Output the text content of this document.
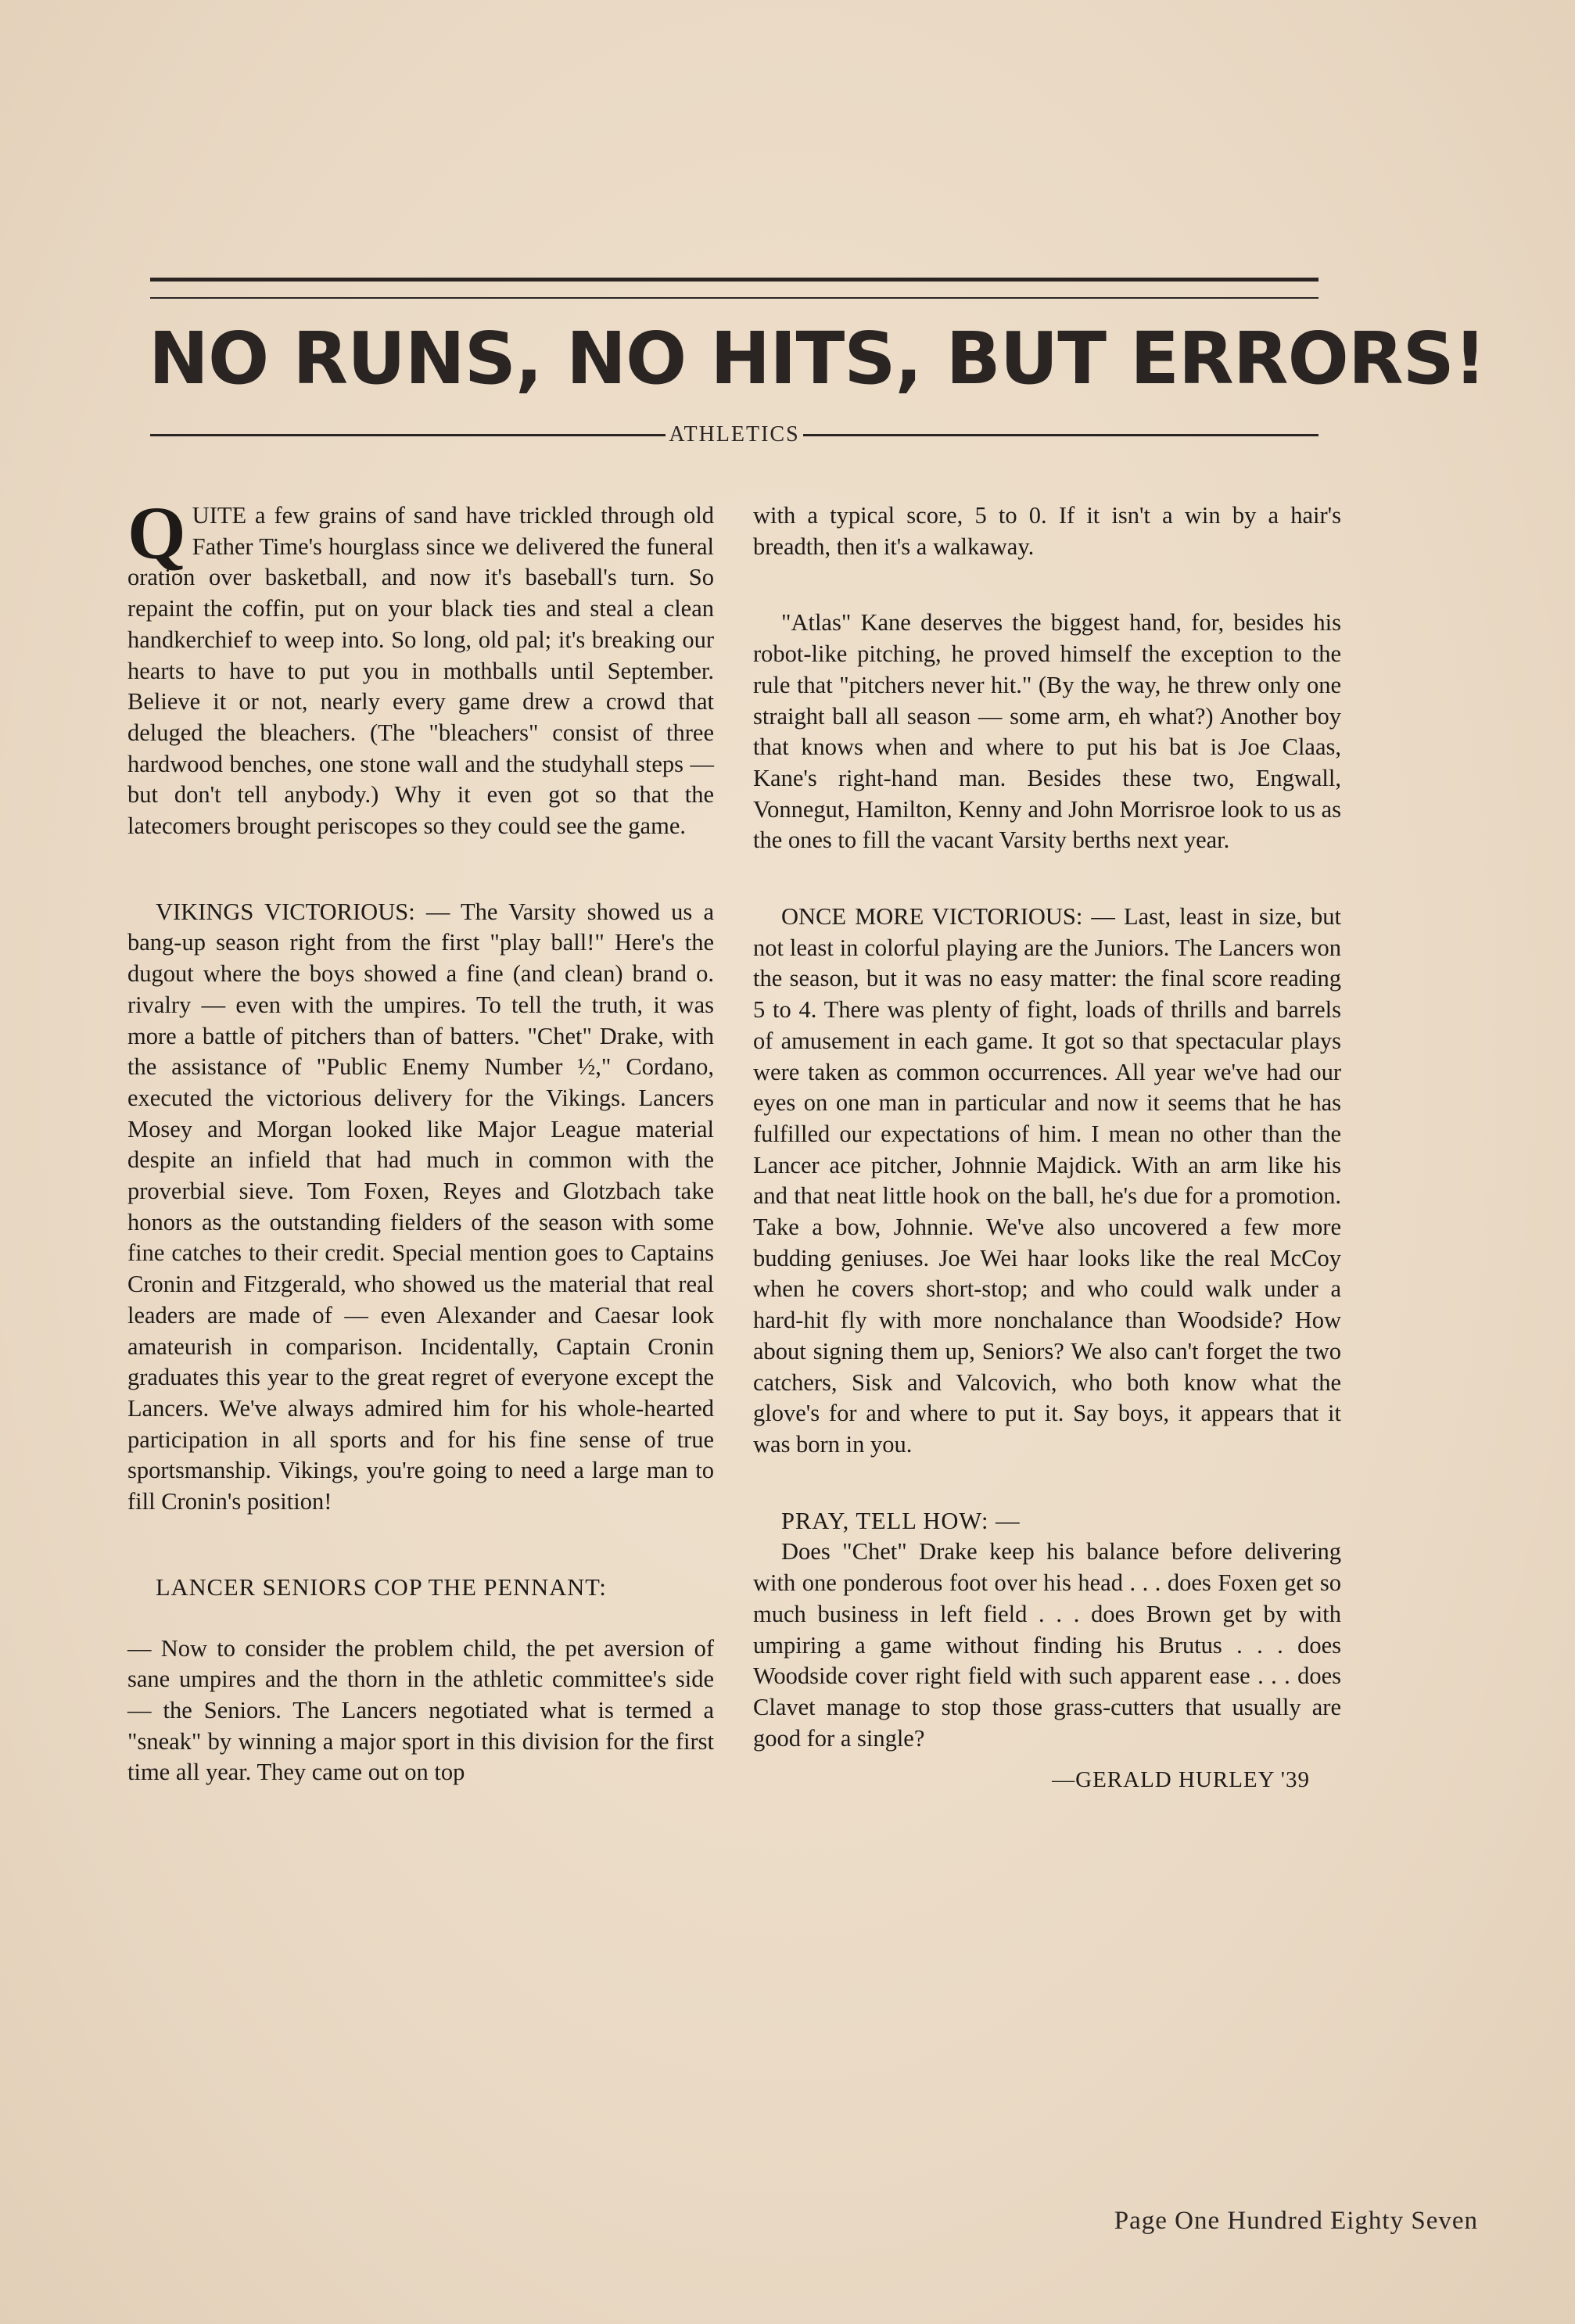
NO RUNS, NO HITS, BUT ERRORS!
ATHLETICS

QUITE a few grains of sand have trickled through old Father Time's hourglass since we delivered the funeral oration over basketball, and now it's baseball's turn. So repaint the coffin, put on your black ties and steal a clean handkerchief to weep into. So long, old pal; it's breaking our hearts to have to put you in mothballs until September. Believe it or not, nearly every game drew a crowd that deluged the bleachers. (The "bleachers" consist of three hardwood benches, one stone wall and the studyhall steps — but don't tell anybody.) Why it even got so that the latecomers brought periscopes so they could see the game.

VIKINGS VICTORIOUS: — The Varsity showed us a bang-up season right from the first "play ball!" Here's the dugout where the boys showed a fine (and clean) brand o. rivalry — even with the umpires. To tell the truth, it was more a battle of pitchers than of batters. "Chet" Drake, with the assistance of "Public Enemy Number ½," Cordano, executed the victorious delivery for the Vikings. Lancers Mosey and Morgan looked like Major League material despite an infield that had much in common with the proverbial sieve. Tom Foxen, Reyes and Glotzbach take honors as the outstanding fielders of the season with some fine catches to their credit. Special mention goes to Captains Cronin and Fitzgerald, who showed us the material that real leaders are made of — even Alexander and Caesar look amateurish in comparison. Incidentally, Captain Cronin graduates this year to the great regret of everyone except the Lancers. We've always admired him for his whole-hearted participation in all sports and for his fine sense of true sportsmanship. Vikings, you're going to need a large man to fill Cronin's position!

LANCER SENIORS COP THE PENNANT:

— Now to consider the problem child, the pet aversion of sane umpires and the thorn in the athletic committee's side — the Seniors. The Lancers negotiated what is termed a "sneak" by winning a major sport in this division for the first time all year. They came out on top

with a typical score, 5 to 0. If it isn't a win by a hair's breadth, then it's a walkaway.

"Atlas" Kane deserves the biggest hand, for, besides his robot-like pitching, he proved himself the exception to the rule that "pitchers never hit." (By the way, he threw only one straight ball all season — some arm, eh what?) Another boy that knows when and where to put his bat is Joe Claas, Kane's right-hand man. Besides these two, Engwall, Vonnegut, Hamilton, Kenny and John Morrisroe look to us as the ones to fill the vacant Varsity berths next year.

ONCE MORE VICTORIOUS: — Last, least in size, but not least in colorful playing are the Juniors. The Lancers won the season, but it was no easy matter: the final score reading 5 to 4. There was plenty of fight, loads of thrills and barrels of amusement in each game. It got so that spectacular plays were taken as common occurrences. All year we've had our eyes on one man in particular and now it seems that he has fulfilled our expectations of him. I mean no other than the Lancer ace pitcher, Johnnie Majdick. With an arm like his and that neat little hook on the ball, he's due for a promotion. Take a bow, Johnnie. We've also uncovered a few more budding geniuses. Joe Wei haar looks like the real McCoy when he covers short-stop; and who could walk under a hard-hit fly with more nonchalance than Woodside? How about signing them up, Seniors? We also can't forget the two catchers, Sisk and Valcovich, who both know what the glove's for and where to put it. Say boys, it appears that it was born in you.

PRAY, TELL HOW: —

Does "Chet" Drake keep his balance before delivering with one ponderous foot over his head . . . does Foxen get so much business in left field . . . does Brown get by with umpiring a game without finding his Brutus . . . does Woodside cover right field with such apparent ease . . . does Clavet manage to stop those grass-cutters that usually are good for a single?

—GERALD HURLEY '39
Page One Hundred Eighty Seven
